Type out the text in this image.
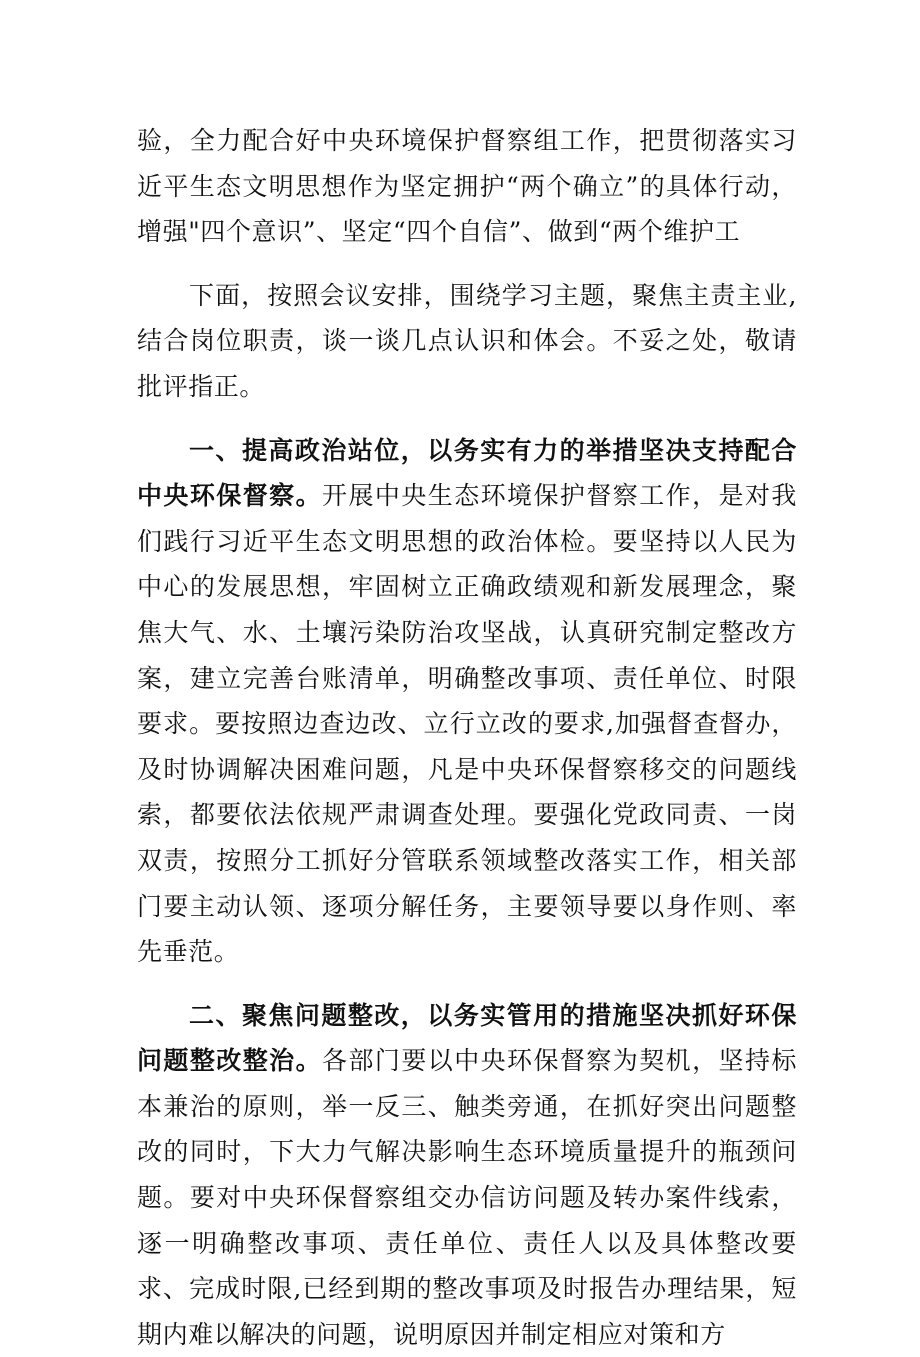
验，全力配合好中央环境保护督察组工作，把贯彻落实习近平生态文明思想作为坚定拥护“两个确立”的具体行动，增强"四个意识”、坚定“四个自信”、做到“两个维护工

下面，按照会议安排，围绕学习主题，聚焦主责主业,结合岗位职责，谈一谈几点认识和体会。不妥之处，敬请批评指正。

一、提高政治站位，以务实有力的举措坚决支持配合中央环保督察。开展中央生态环境保护督察工作，是对我们践行习近平生态文明思想的政治体检。要坚持以人民为中心的发展思想，牢固树立正确政绩观和新发展理念，聚焦大气、水、土壤污染防治攻坚战，认真研究制定整改方案，建立完善台账清单，明确整改事项、责任单位、时限要求。要按照边查边改、立行立改的要求,加强督查督办，及时协调解决困难问题，凡是中央环保督察移交的问题线索，都要依法依规严肃调查处理。要强化党政同责、一岗双责，按照分工抓好分管联系领域整改落实工作，相关部门要主动认领、逐项分解任务，主要领导要以身作则、率先垂范。

二、聚焦问题整改，以务实管用的措施坚决抓好环保问题整改整治。各部门要以中央环保督察为契机，坚持标本兼治的原则，举一反三、触类旁通，在抓好突出问题整改的同时，下大力气解决影响生态环境质量提升的瓶颈问题。要对中央环保督察组交办信访问题及转办案件线索，逐一明确整改事项、责任单位、责任人以及具体整改要求、完成时限,已经到期的整改事项及时报告办理结果，短期内难以解决的问题，说明原因并制定相应对策和方
